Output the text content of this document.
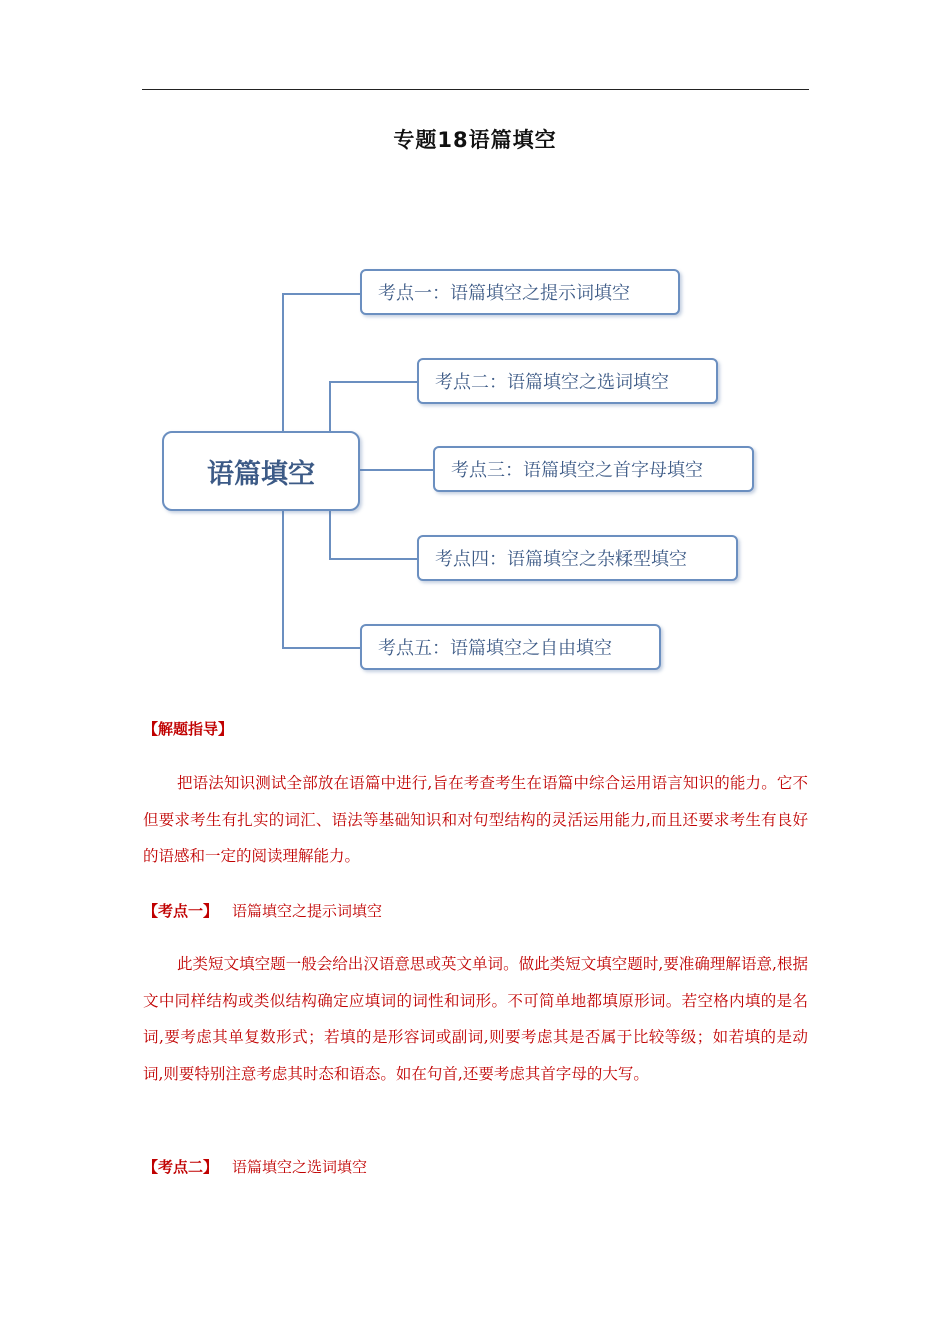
专题18语篇填空
语篇填空
考点一：语篇填空之提示词填空
考点二：语篇填空之选词填空
考点三：语篇填空之首字母填空
考点四：语篇填空之杂糅型填空
考点五：语篇填空之自由填空
【解题指导】
把语法知识测试全部放在语篇中进行,旨在考查考生在语篇中综合运用语言知识的能力。它不但要求考生有扎实的词汇、语法等基础知识和对句型结构的灵活运用能力,而且还要求考生有良好的语感和一定的阅读理解能力。
【考点一】 语篇填空之提示词填空
此类短文填空题一般会给出汉语意思或英文单词。做此类短文填空题时,要准确理解语意,根据文中同样结构或类似结构确定应填词的词性和词形。不可简单地都填原形词。若空格内填的是名词,要考虑其单复数形式；若填的是形容词或副词,则要考虑其是否属于比较等级；如若填的是动词,则要特别注意考虑其时态和语态。如在句首,还要考虑其首字母的大写。
【考点二】 语篇填空之选词填空
